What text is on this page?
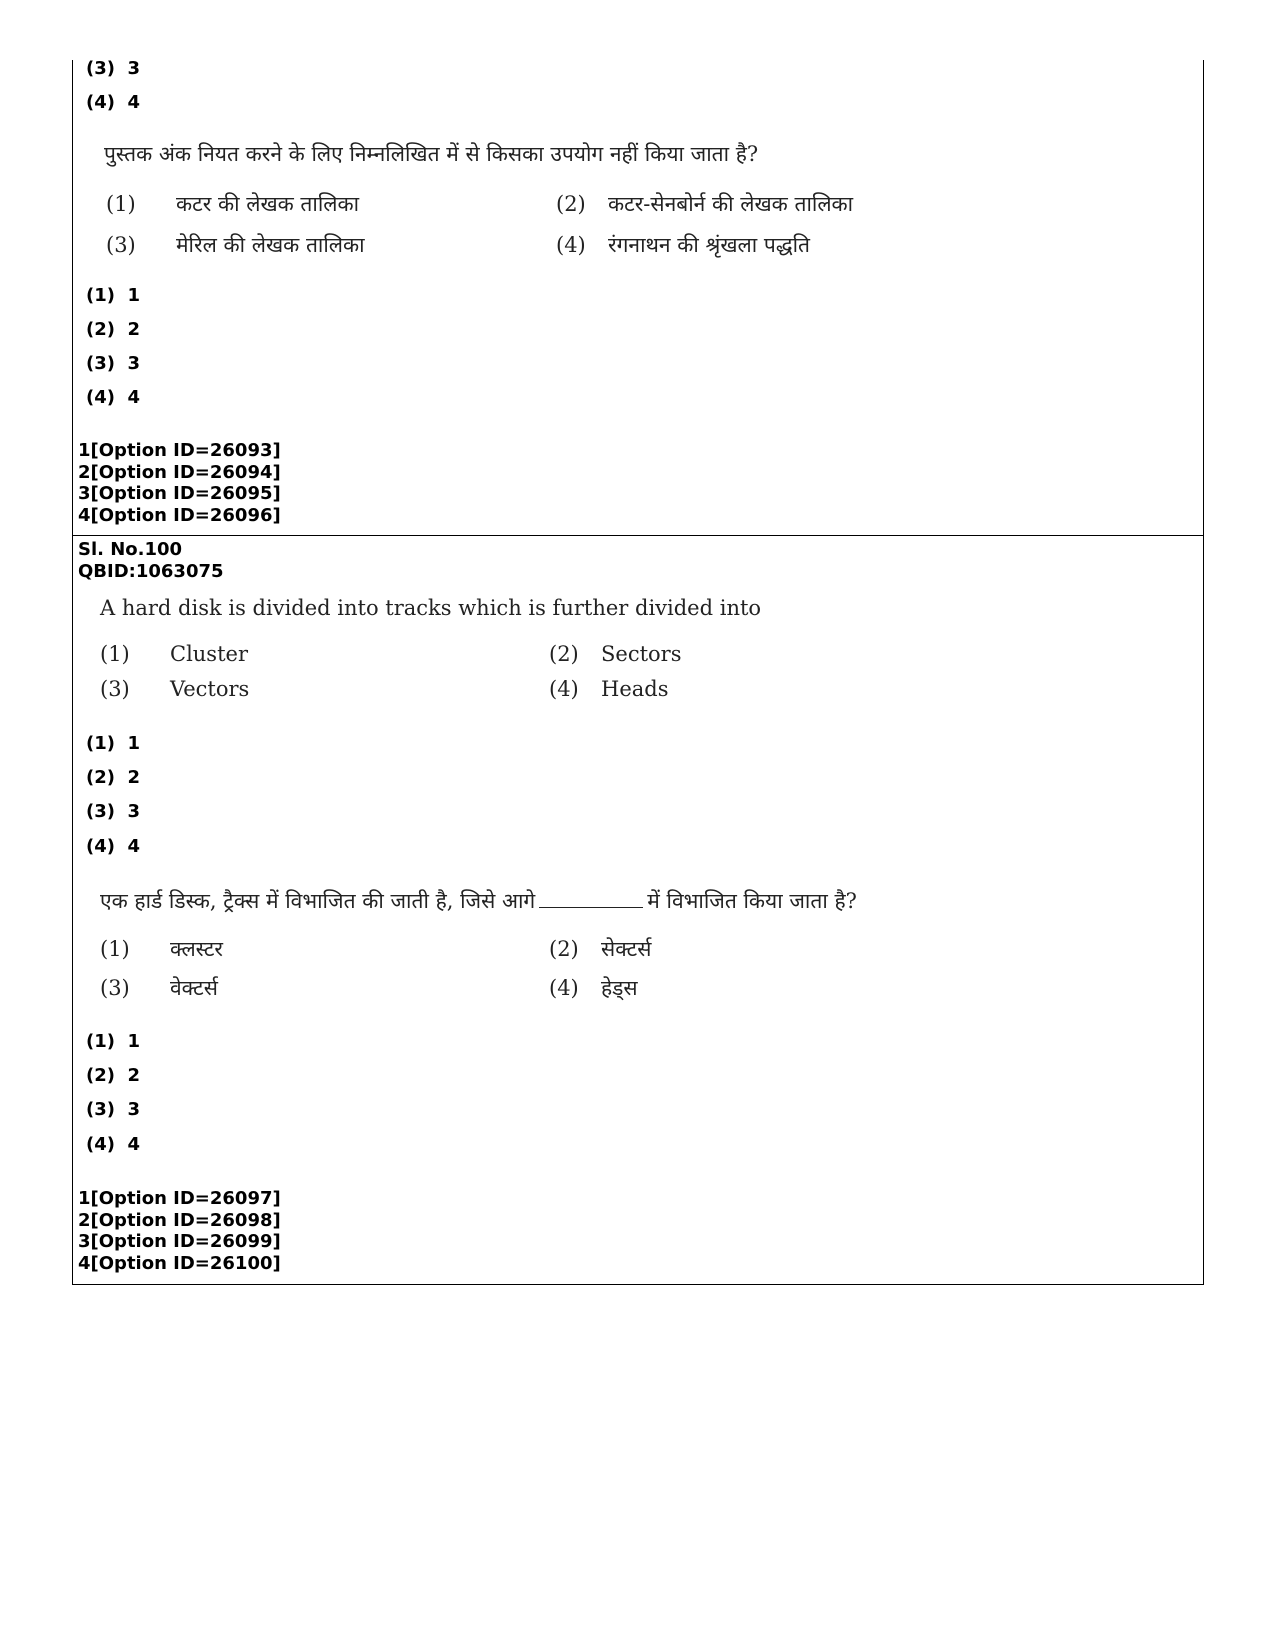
(3) 3
(4) 4
पुस्तक अंक नियत करने के लिए निम्नलिखित में से किसका उपयोग नहीं किया जाता है?
(1) कटर की लेखक तालिका	(2) कटर-सेनबोर्न की लेखक तालिका
(3) मेरिल की लेखक तालिका	(4) रंगनाथन की श्रृंखला पद्धति
(1) 1
(2) 2
(3) 3
(4) 4
1[Option ID=26093]
2[Option ID=26094]
3[Option ID=26095]
4[Option ID=26096]
Sl. No.100
QBID:1063075
A hard disk is divided into tracks which is further divided into
(1) Cluster	(2) Sectors
(3) Vectors	(4) Heads
(1) 1
(2) 2
(3) 3
(4) 4
एक हार्ड डिस्क, ट्रैक्स में विभाजित की जाती है, जिसे आगे	में विभाजित किया जाता है?
(1) क्लस्टर	(2) सेक्टर्स
(3) वेक्टर्स	(4) हेड्स
(1) 1
(2) 2
(3) 3
(4) 4
1[Option ID=26097]
2[Option ID=26098]
3[Option ID=26099]
4[Option ID=26100]
